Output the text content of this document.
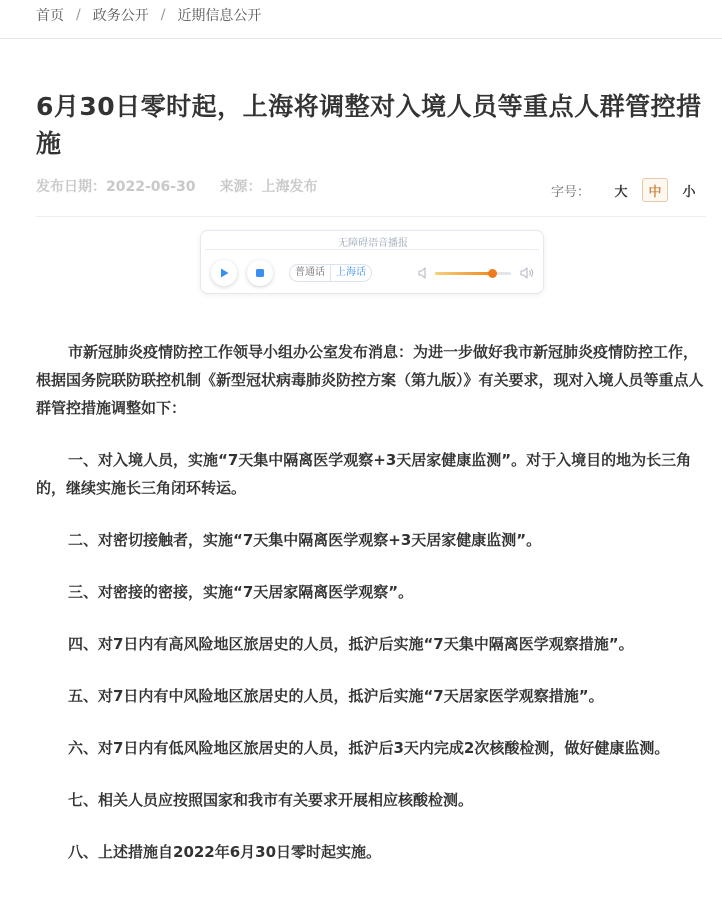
首页 / 政务公开 / 近期信息公开
6月30日零时起，上海将调整对入境人员等重点人群管控措施
发布日期：2022-06-30 来源：上海发布	字号：	大	中	小
无障碍语音播报
普通话	上海话

市新冠肺炎疫情防控工作领导小组办公室发布消息：为进一步做好我市新冠肺炎疫情防控工作，根据国务院联防联控机制《新型冠状病毒肺炎防控方案（第九版）》有关要求，现对入境人员等重点人群管控措施调整如下：

一、对入境人员，实施“7天集中隔离医学观察+3天居家健康监测”。对于入境目的地为长三角的，继续实施长三角闭环转运。

二、对密切接触者，实施“7天集中隔离医学观察+3天居家健康监测”。

三、对密接的密接，实施“7天居家隔离医学观察”。

四、对7日内有高风险地区旅居史的人员，抵沪后实施“7天集中隔离医学观察措施”。

五、对7日内有中风险地区旅居史的人员，抵沪后实施“7天居家医学观察措施”。

六、对7日内有低风险地区旅居史的人员，抵沪后3天内完成2次核酸检测，做好健康监测。

七、相关人员应按照国家和我市有关要求开展相应核酸检测。

八、上述措施自2022年6月30日零时起实施。
